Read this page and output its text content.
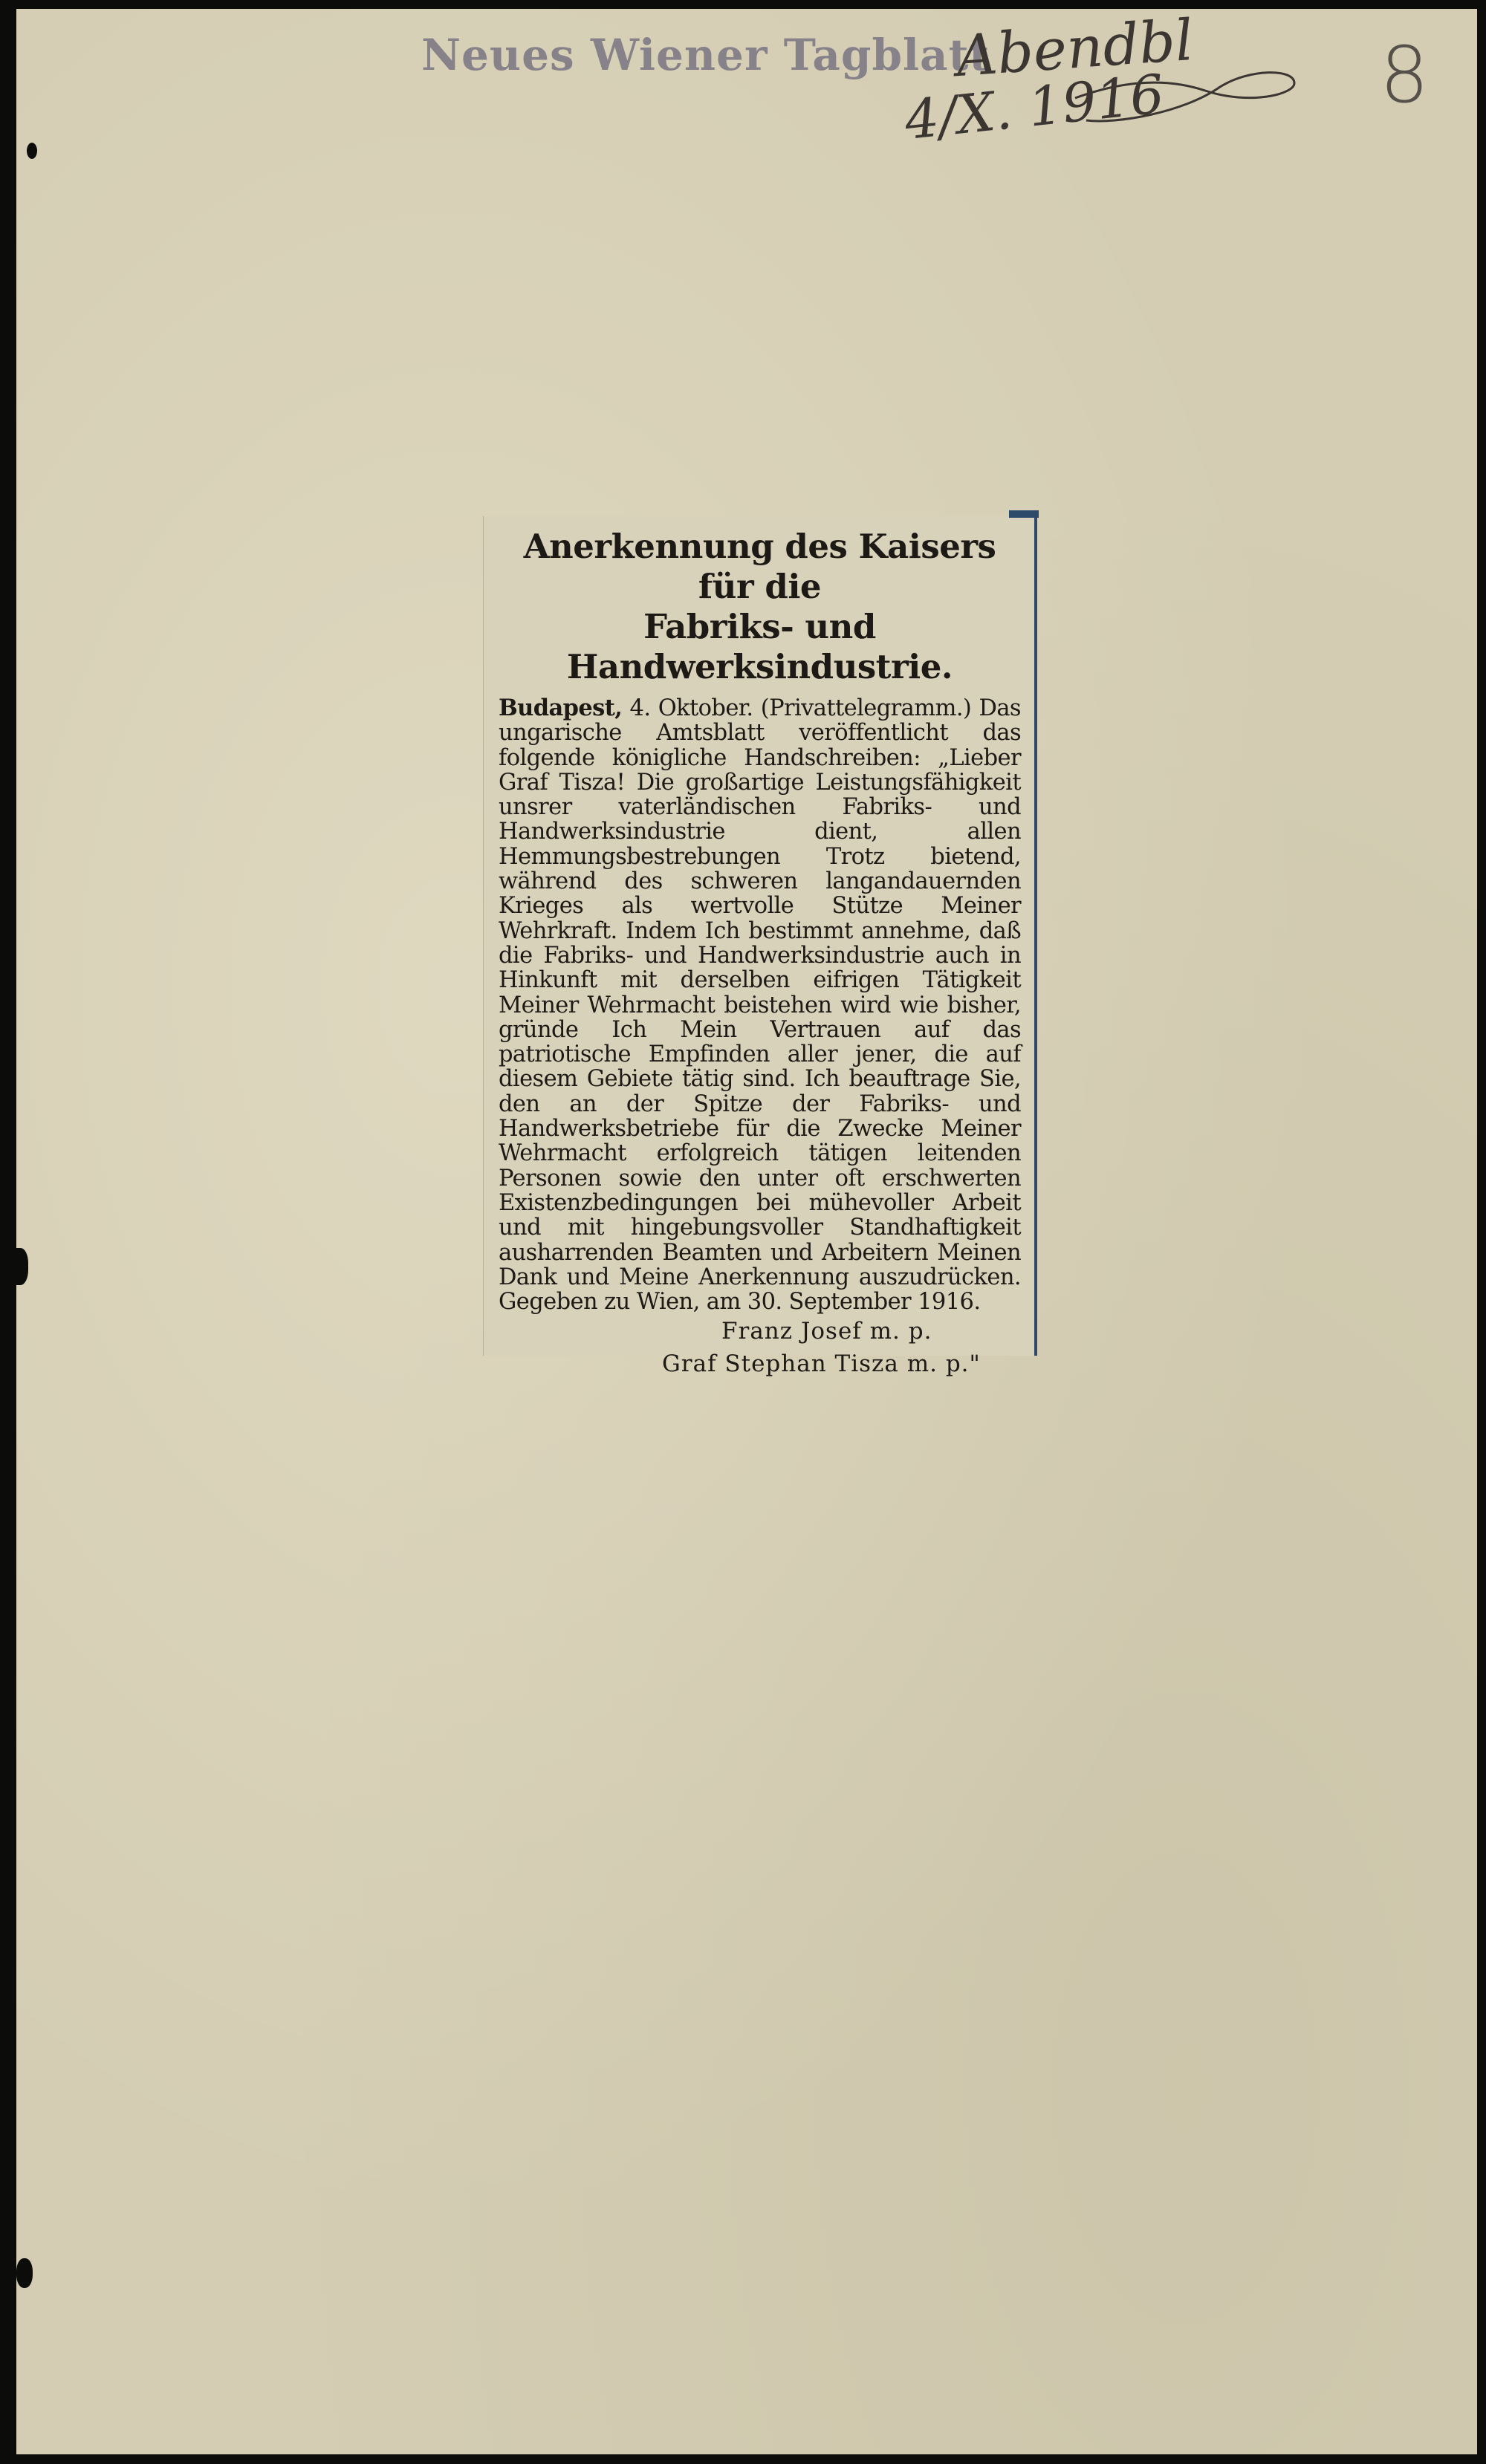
Neues Wiener Tagblatt
Abendbl
4/X. 1916	8
Anerkennung des Kaisers für die
Fabriks- und Handwerksindustrie.

Budapest, 4. Oktober. (Privattelegramm.) Das ungarische Amtsblatt veröffentlicht das folgende königliche Handschreiben: „Lieber Graf Tisza! Die großartige Leistungsfähigkeit unsrer vaterländischen Fabriks- und Handwerksindustrie dient, allen Hemmungsbestrebungen Trotz bietend, während des schweren langandauernden Krieges als wertvolle Stütze Meiner Wehrkraft. Indem Ich bestimmt annehme, daß die Fabriks- und Handwerksindustrie auch in Hinkunft mit derselben eifrigen Tätigkeit Meiner Wehrmacht beistehen wird wie bisher, gründe Ich Mein Vertrauen auf das patriotische Empfinden aller jener, die auf diesem Gebiete tätig sind. Ich beauftrage Sie, den an der Spitze der Fabriks- und Handwerksbetriebe für die Zwecke Meiner Wehrmacht erfolgreich tätigen leitenden Personen sowie den unter oft erschwerten Existenzbedingungen bei mühevoller Arbeit und mit hingebungsvoller Standhaftigkeit ausharrenden Beamten und Arbeitern Meinen Dank und Meine Anerkennung auszudrücken. Gegeben zu Wien, am 30. September 1916.

Franz Josef m. p.
Graf Stephan Tisza m. p."
